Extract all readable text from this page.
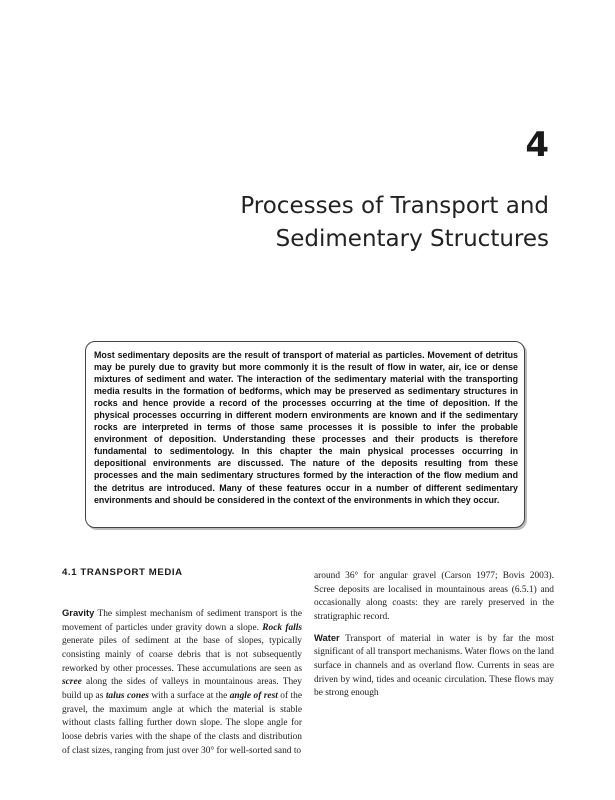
4
Processes of Transport and
Sedimentary Structures

Most sedimentary deposits are the result of transport of material as particles. Movement of detritus may be purely due to gravity but more commonly it is the result of flow in water, air, ice or dense mixtures of sediment and water. The interaction of the sedimentary material with the transporting media results in the formation of bedforms, which may be preserved as sedimentary structures in rocks and hence provide a record of the processes occurring at the time of deposition. If the physical processes occurring in different modern environments are known and if the sedimentary rocks are interpreted in terms of those same processes it is possible to infer the probable environment of deposition. Understanding these processes and their products is therefore fundamental to sedimentology. In this chapter the main physical processes occurring in depositional environments are discussed. The nature of the deposits resulting from these processes and the main sedimentary structures formed by the interaction of the flow medium and the detritus are introduced. Many of these features occur in a number of different sedimentary environments and should be considered in the context of the environments in which they occur.

4.1 TRANSPORT MEDIA

Gravity The simplest mechanism of sediment transport is the movement of particles under gravity down a slope. Rock falls generate piles of sediment at the base of slopes, typically consisting mainly of coarse debris that is not subsequently reworked by other processes. These accumulations are seen as scree along the sides of valleys in mountainous areas. They build up as talus cones with a surface at the angle of rest of the gravel, the maximum angle at which the material is stable without clasts falling further down slope. The slope angle for loose debris varies with the shape of the clasts and distribution of clast sizes, ranging from just over 30° for well-sorted sand to

around 36° for angular gravel (Carson 1977; Bovis 2003). Scree deposits are localised in mountainous areas (6.5.1) and occasionally along coasts: they are rarely preserved in the stratigraphic record.

Water Transport of material in water is by far the most significant of all transport mechanisms. Water flows on the land surface in channels and as overland flow. Currents in seas are driven by wind, tides and oceanic circulation. These flows may be strong enough
